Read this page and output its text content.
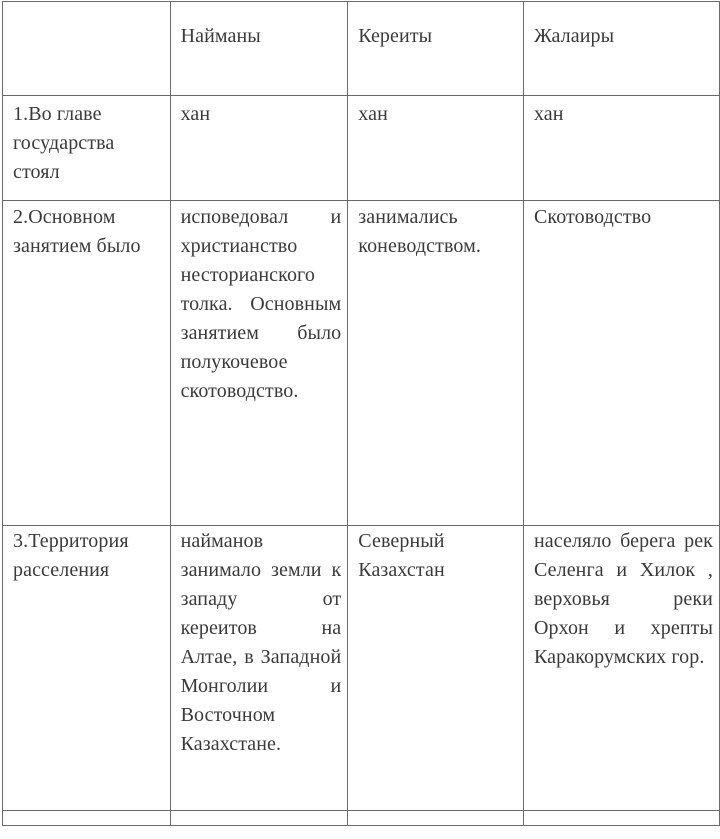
	Найманы	Кереиты	Жалаиры

1.Во главе государства стоял	хан	хан	хан

2.Основном занятием было	исповедовал и христианство несторианского толка. Основным занятием было полукочевое скотоводство.	занимались коневодством.	Скотоводство

3.Территория расселения	найманов занимало земли к западу от кереитов на Алтае, в Западной Монголии и Восточном Казахстане.	Северный Казахстан	населяло берега рек Селенга и Хилок , верховья реки Орхон и хрепты Каракорумских гор.
